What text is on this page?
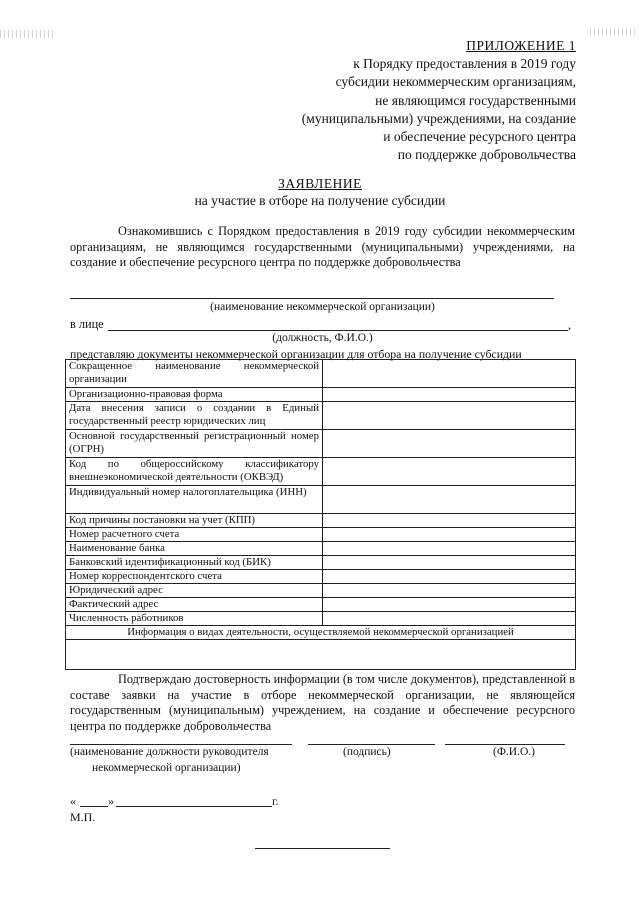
ПРИЛОЖЕНИЕ 1
к Порядку предоставления в 2019 году
субсидии некоммерческим организациям,
не являющимся государственными
(муниципальными) учреждениями, на создание
и обеспечение ресурсного центра
по поддержке добровольчества
ЗАЯВЛЕНИЕ
на участие в отборе на получение субсидии
Ознакомившись с Порядком предоставления в 2019 году субсидии некоммерческим организациям, не являющимся государственными (муниципальными) учреждениями, на создание и обеспечение ресурсного центра по поддержке добровольчества
(наименование некоммерческой организации)
в лице	,
(должность, Ф.И.О.)
представляю документы некоммерческой организации для отбора на получение субсидии
Сокращенное наименование некоммерческой организации	
Организационно-правовая форма	
Дата внесения записи о создании в Единый государственный реестр юридических лиц	
Основной государственный регистрационный номер (ОГРН)	
Код по общероссийскому классификатору внешнеэкономической деятельности (ОКВЭД)	
Индивидуальный номер налогоплательщика (ИНН)	
Код причины постановки на учет (КПП)	
Номер расчетного счета	
Наименование банка	
Банковский идентификационный код (БИК)	
Номер корреспондентского счета	
Юридический адрес	
Фактический адрес	
Численность работников	
Информация о видах деятельности, осуществляемой некоммерческой организацией	

Подтверждаю достоверность информации (в том числе документов), представленной в составе заявки на участие в отборе некоммерческой организации, не являющейся государственным (муниципальным) учреждением, на создание и обеспечение ресурсного центра по поддержке добровольчества
(наименование должности руководителя
некоммерческой организации)
(подпись)	(Ф.И.О.)
«	»	г.
М.П.
